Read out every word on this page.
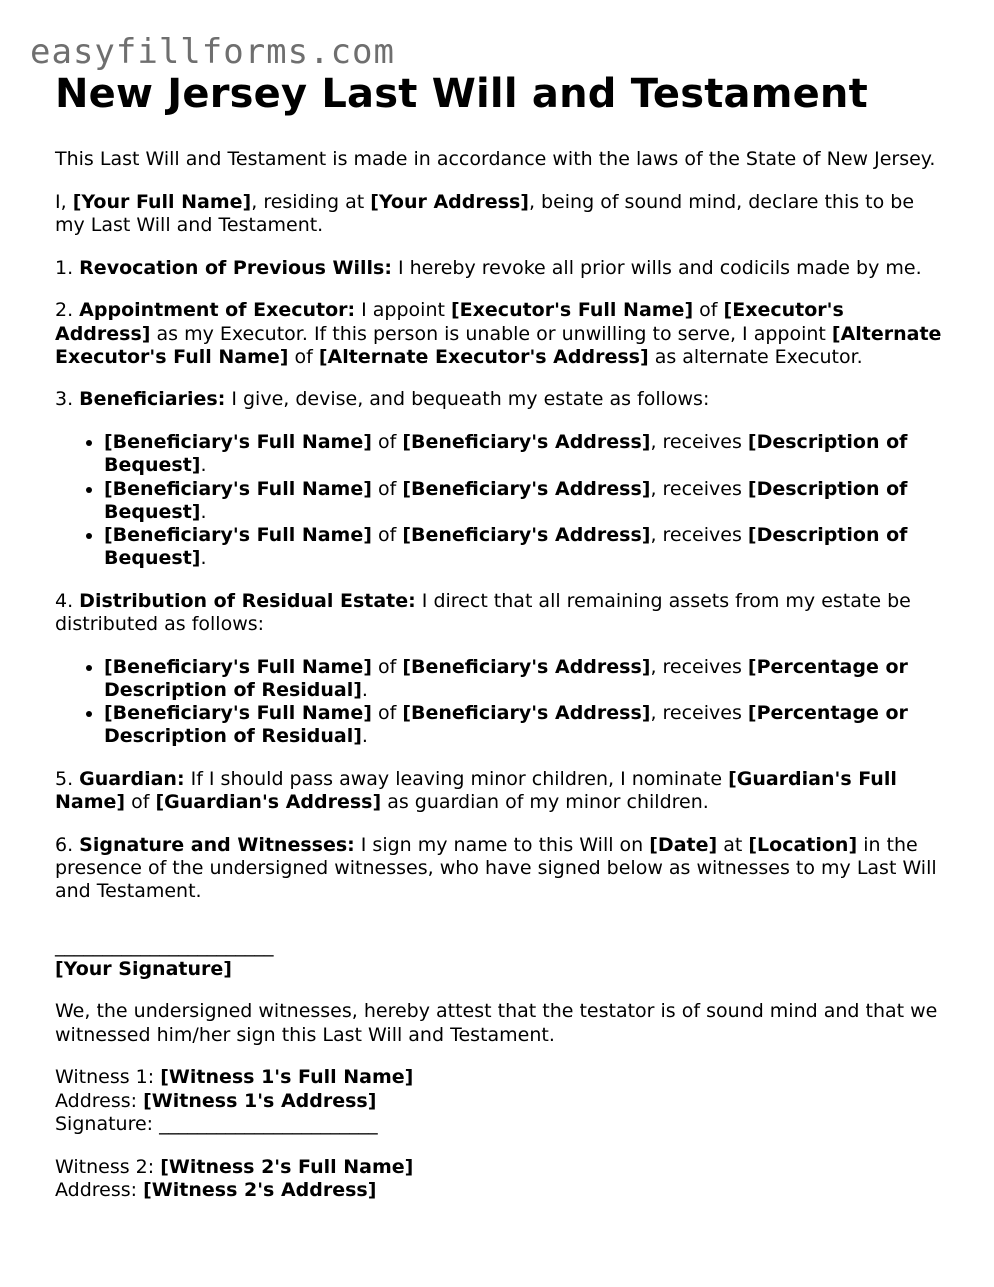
easyfillforms.com
New Jersey Last Will and Testament

This Last Will and Testament is made in accordance with the laws of the State of New Jersey.

I, [Your Full Name], residing at [Your Address], being of sound mind, declare this to be my Last Will and Testament.

1. Revocation of Previous Wills: I hereby revoke all prior wills and codicils made by me.

2. Appointment of Executor: I appoint [Executor's Full Name] of [Executor's Address] as my Executor. If this person is unable or unwilling to serve, I appoint [Alternate Executor's Full Name] of [Alternate Executor's Address] as alternate Executor.

3. Beneficiaries: I give, devise, and bequeath my estate as follows:

• [Beneficiary's Full Name] of [Beneficiary's Address], receives [Description of Bequest].
• [Beneficiary's Full Name] of [Beneficiary's Address], receives [Description of Bequest].
• [Beneficiary's Full Name] of [Beneficiary's Address], receives [Description of Bequest].

4. Distribution of Residual Estate: I direct that all remaining assets from my estate be distributed as follows:

• [Beneficiary's Full Name] of [Beneficiary's Address], receives [Percentage or Description of Residual].
• [Beneficiary's Full Name] of [Beneficiary's Address], receives [Percentage or Description of Residual].

5. Guardian: If I should pass away leaving minor children, I nominate [Guardian's Full Name] of [Guardian's Address] as guardian of my minor children.

6. Signature and Witnesses: I sign my name to this Will on [Date] at [Location] in the presence of the undersigned witnesses, who have signed below as witnesses to my Last Will and Testament.

_______________________
[Your Signature]

We, the undersigned witnesses, hereby attest that the testator is of sound mind and that we witnessed him/her sign this Last Will and Testament.

Witness 1: [Witness 1's Full Name]

Address: [Witness 1's Address]

Signature: _______________________

Witness 2: [Witness 2's Full Name]

Address: [Witness 2's Address]
